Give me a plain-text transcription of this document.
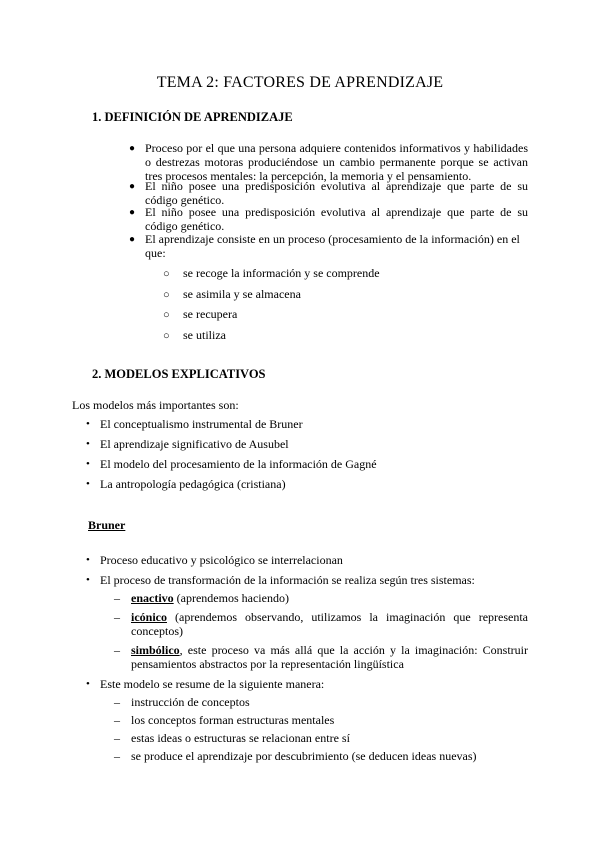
TEMA 2: FACTORES DE APRENDIZAJE
1. DEFINICIÓN DE APRENDIZAJE
● Proceso por el que una persona adquiere contenidos informativos y habilidades o destrezas motoras produciéndose un cambio permanente porque se activan tres procesos mentales: la percepción, la memoria y el pensamiento.
● El niño posee una predisposición evolutiva al aprendizaje que parte de su código genético.
● El niño posee una predisposición evolutiva al aprendizaje que parte de su código genético.
● El aprendizaje consiste en un proceso (procesamiento de la información) en el que:
○ se recoge la información y se comprende
○ se asimila y se almacena
○ se recupera
○ se utiliza
2. MODELOS EXPLICATIVOS
Los modelos más importantes son:
• El conceptualismo instrumental de Bruner
• El aprendizaje significativo de Ausubel
• El modelo del procesamiento de la información de Gagné
• La antropología pedagógica (cristiana)
Bruner
• Proceso educativo y psicológico se interrelacionan
• El proceso de transformación de la información se realiza según tres sistemas:
– enactivo (aprendemos haciendo)
– icónico (aprendemos observando, utilizamos la imaginación que representa conceptos)
– simbólico, este proceso va más allá que la acción y la imaginación: Construir pensamientos abstractos por la representación lingüística
• Este modelo se resume de la siguiente manera:
– instrucción de conceptos
– los conceptos forman estructuras mentales
– estas ideas o estructuras se relacionan entre sí
– se produce el aprendizaje por descubrimiento (se deducen ideas nuevas)
